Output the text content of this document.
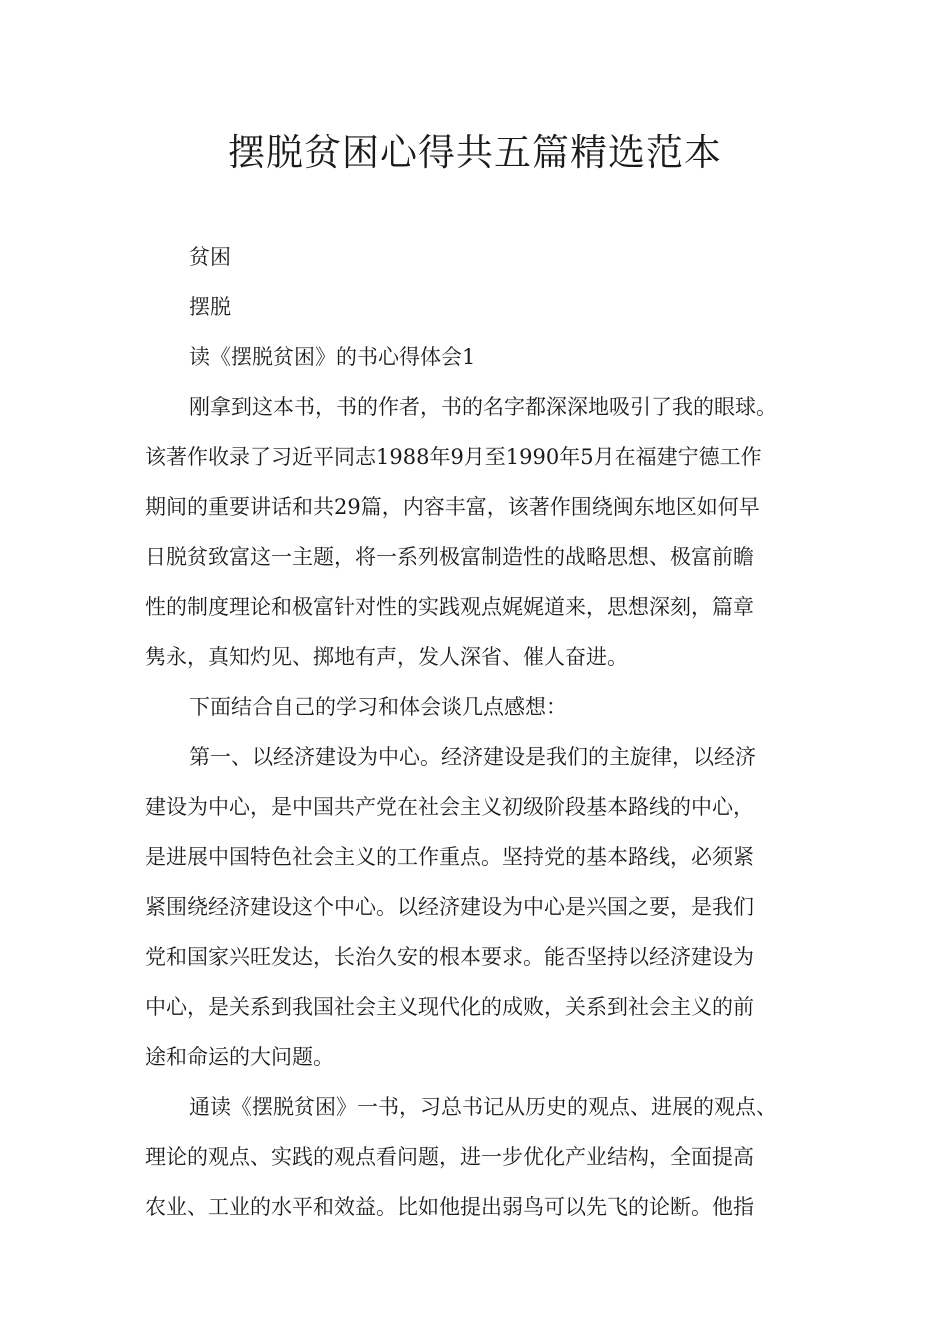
摆脱贫困心得共五篇精选范本
贫困
摆脱
读《摆脱贫困》的书心得体会1
刚拿到这本书，书的作者，书的名字都深深地吸引了我的眼球。
该著作收录了习近平同志1988年9月至1990年5月在福建宁德工作
期间的重要讲话和共29篇，内容丰富，该著作围绕闽东地区如何早
日脱贫致富这一主题，将一系列极富制造性的战略思想、极富前瞻
性的制度理论和极富针对性的实践观点娓娓道来，思想深刻，篇章
隽永，真知灼见、掷地有声，发人深省、催人奋进。
下面结合自己的学习和体会谈几点感想：
第一、以经济建设为中心。经济建设是我们的主旋律，以经济
建设为中心，是中国共产党在社会主义初级阶段基本路线的中心，
是进展中国特色社会主义的工作重点。坚持党的基本路线，必须紧
紧围绕经济建设这个中心。以经济建设为中心是兴国之要，是我们
党和国家兴旺发达，长治久安的根本要求。能否坚持以经济建设为
中心，是关系到我国社会主义现代化的成败，关系到社会主义的前
途和命运的大问题。
通读《摆脱贫困》一书，习总书记从历史的观点、进展的观点、
理论的观点、实践的观点看问题，进一步优化产业结构，全面提高
农业、工业的水平和效益。比如他提出弱鸟可以先飞的论断。他指
